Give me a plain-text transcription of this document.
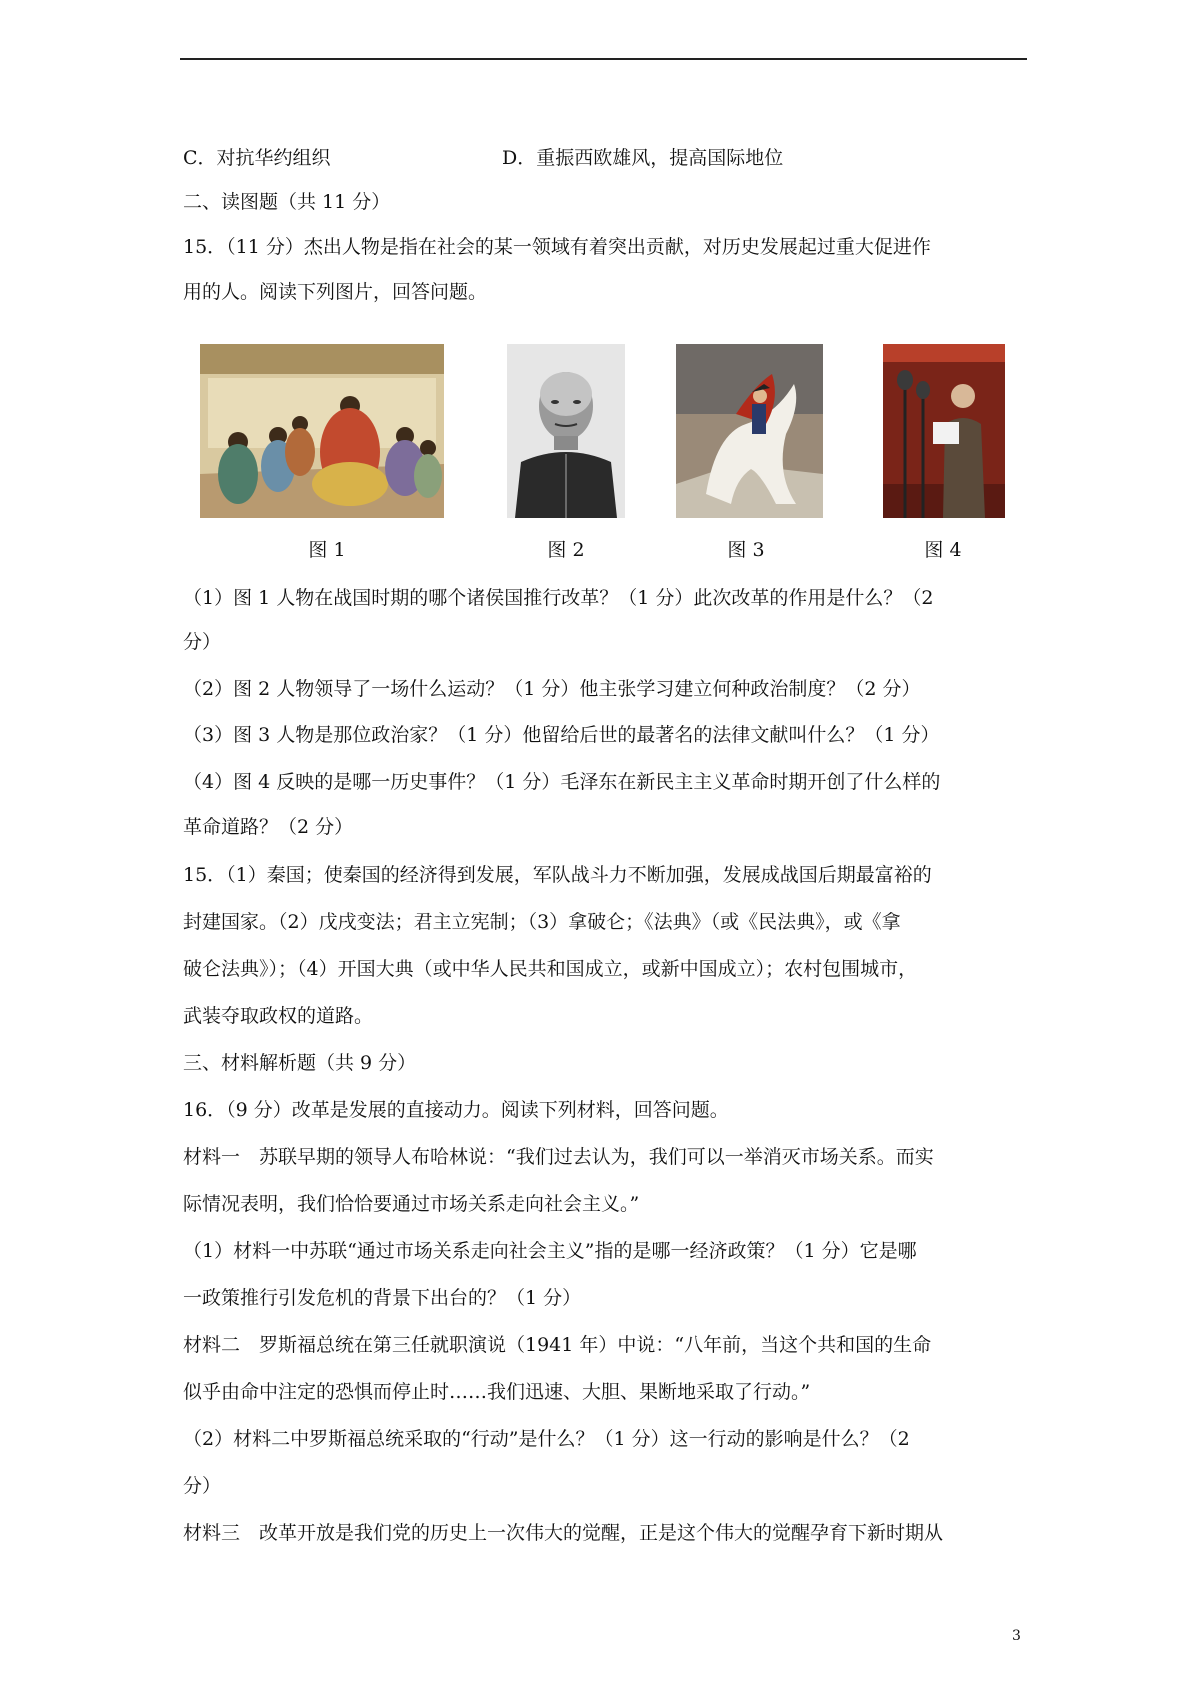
C．对抗华约组织	D．重振西欧雄风，提高国际地位
二、读图题（共 11 分）
15．（11 分）杰出人物是指在社会的某一领域有着突出贡献，对历史发展起过重大促进作
用的人。阅读下列图片，回答问题。
图 1	图 2	图 3	图 4
（1）图 1 人物在战国时期的哪个诸侯国推行改革？（1 分）此次改革的作用是什么？（2
分）
（2）图 2 人物领导了一场什么运动？（1 分）他主张学习建立何种政治制度？（2 分）
（3）图 3 人物是那位政治家？（1 分）他留给后世的最著名的法律文献叫什么？（1 分）
（4）图 4 反映的是哪一历史事件？（1 分）毛泽东在新民主主义革命时期开创了什么样的
革命道路？（2 分）
15．（1）秦国；使秦国的经济得到发展，军队战斗力不断加强，发展成战国后期最富裕的
封建国家。（2）戊戌变法；君主立宪制；（3）拿破仑；《法典》（或《民法典》，或《拿
破仑法典》）；（4）开国大典（或中华人民共和国成立，或新中国成立）；农村包围城市，
武装夺取政权的道路。
三、材料解析题（共 9 分）
16．（9 分）改革是发展的直接动力。阅读下列材料，回答问题。
材料一　苏联早期的领导人布哈林说：“我们过去认为，我们可以一举消灭市场关系。而实
际情况表明，我们恰恰要通过市场关系走向社会主义。”
（1）材料一中苏联“通过市场关系走向社会主义”指的是哪一经济政策？（1 分）它是哪
一政策推行引发危机的背景下出台的？（1 分）
材料二　罗斯福总统在第三任就职演说（1941 年）中说：“八年前，当这个共和国的生命
似乎由命中注定的恐惧而停止时……我们迅速、大胆、果断地采取了行动。”
（2）材料二中罗斯福总统采取的“行动”是什么？（1 分）这一行动的影响是什么？（2
分）
材料三　改革开放是我们党的历史上一次伟大的觉醒，正是这个伟大的觉醒孕育下新时期从
3
